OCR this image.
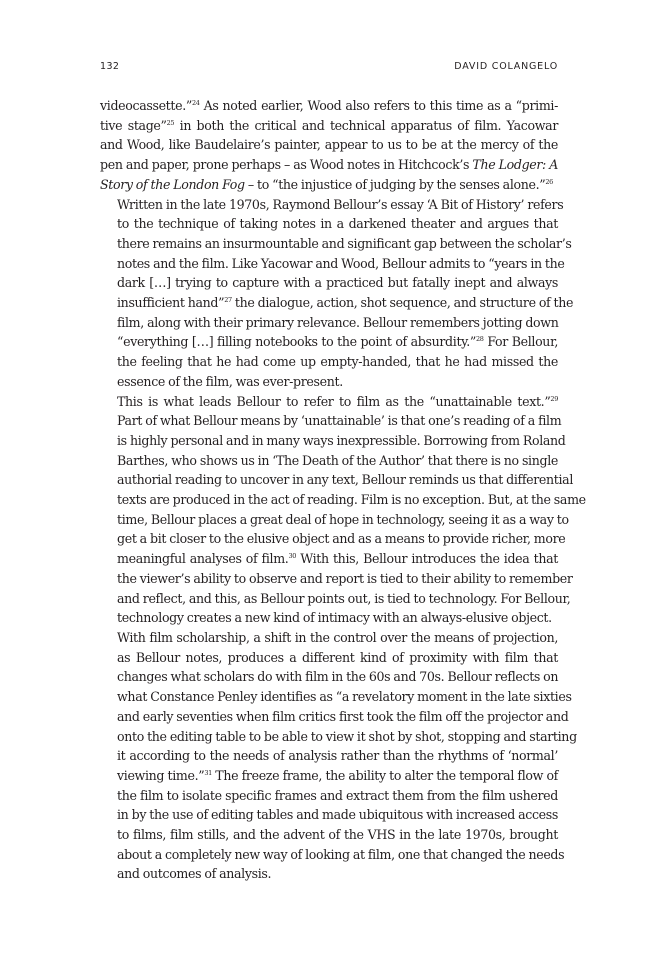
132	DAVID COLANGELO

videocassette.”$^{24}$ As noted earlier, Wood also refers to this time as a “primi-
tive stage”$^{25}$ in both the critical and technical apparatus of film. Yacowar
and Wood, like Baudelaire’s painter, appear to us to be at the mercy of the
pen and paper, prone perhaps – as Wood notes in Hitchcock’s The Lodger: A
Story of the London Fog – to “the injustice of judging by the senses alone.”$^{26}$

Written in the late 1970s, Raymond Bellour’s essay ‘A Bit of History’ refers
to the technique of taking notes in a darkened theater and argues that
there remains an insurmountable and significant gap between the scholar’s
notes and the film. Like Yacowar and Wood, Bellour admits to “years in the
dark […] trying to capture with a practiced but fatally inept and always
insufficient hand”$^{27}$ the dialogue, action, shot sequence, and structure of the
film, along with their primary relevance. Bellour remembers jotting down
“everything […] filling notebooks to the point of absurdity.”$^{28}$ For Bellour,
the feeling that he had come up empty-handed, that he had missed the
essence of the film, was ever-present.

This is what leads Bellour to refer to film as the “unattainable text.”$^{29}$
Part of what Bellour means by ‘unattainable’ is that one’s reading of a film
is highly personal and in many ways inexpressible. Borrowing from Roland
Barthes, who shows us in ‘The Death of the Author’ that there is no single
authorial reading to uncover in any text, Bellour reminds us that differential
texts are produced in the act of reading. Film is no exception. But, at the same
time, Bellour places a great deal of hope in technology, seeing it as a way to
get a bit closer to the elusive object and as a means to provide richer, more
meaningful analyses of film.$^{30}$ With this, Bellour introduces the idea that
the viewer’s ability to observe and report is tied to their ability to remember
and reflect, and this, as Bellour points out, is tied to technology. For Bellour,
technology creates a new kind of intimacy with an always-elusive object.

With film scholarship, a shift in the control over the means of projection,
as Bellour notes, produces a different kind of proximity with film that
changes what scholars do with film in the 60s and 70s. Bellour reflects on
what Constance Penley identifies as “a revelatory moment in the late sixties
and early seventies when film critics first took the film off the projector and
onto the editing table to be able to view it shot by shot, stopping and starting
it according to the needs of analysis rather than the rhythms of ‘normal’
viewing time.”$^{31}$ The freeze frame, the ability to alter the temporal flow of
the film to isolate specific frames and extract them from the film ushered
in by the use of editing tables and made ubiquitous with increased access
to films, film stills, and the advent of the VHS in the late 1970s, brought
about a completely new way of looking at film, one that changed the needs
and outcomes of analysis.
